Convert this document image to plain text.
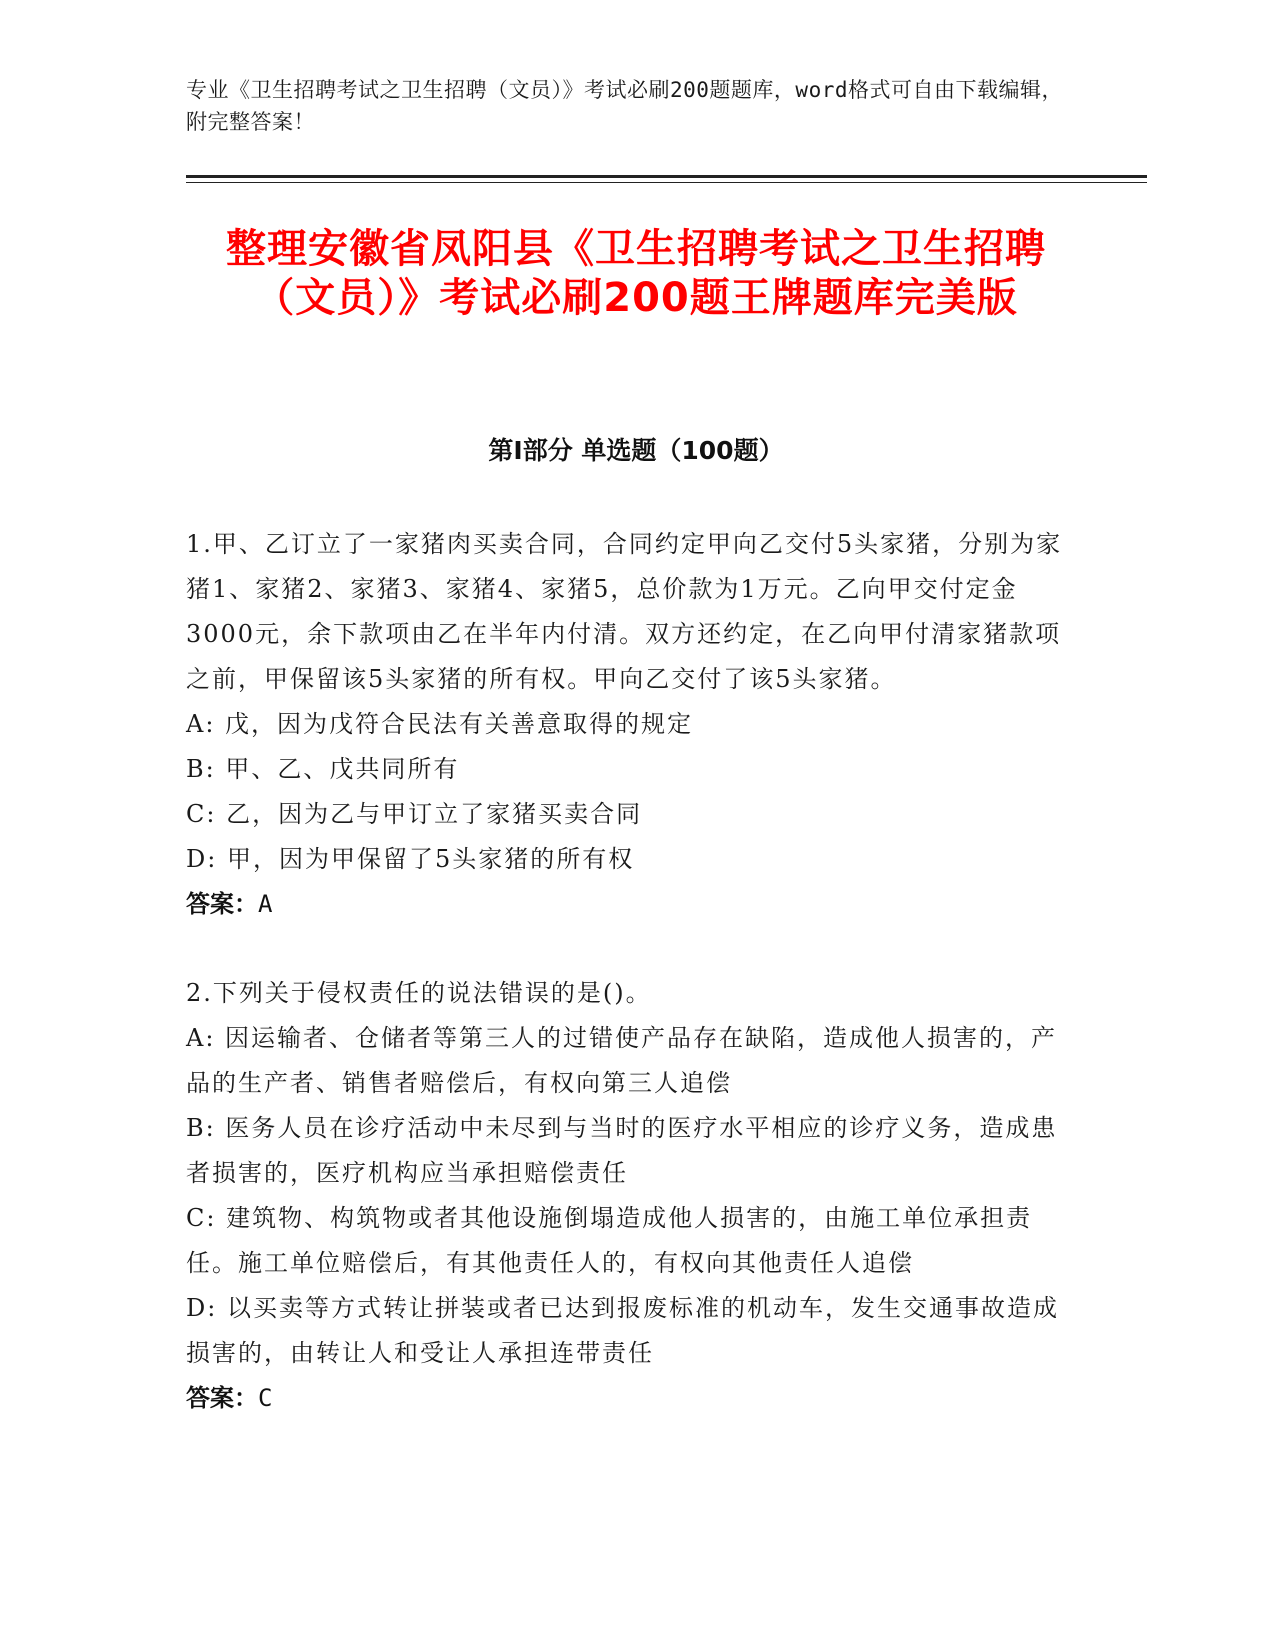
专业《卫生招聘考试之卫生招聘（文员）》考试必刷200题题库，word格式可自由下载编辑，附完整答案！
整理安徽省凤阳县《卫生招聘考试之卫生招聘（文员）》考试必刷200题王牌题库完美版
第Ⅰ部分 单选题（100题）

1.甲、乙订立了一家猪肉买卖合同，合同约定甲向乙交付5头家猪，分别为家猪1、家猪2、家猪3、家猪4、家猪5，总价款为1万元。乙向甲交付定金3000元，余下款项由乙在半年内付清。双方还约定，在乙向甲付清家猪款项之前，甲保留该5头家猪的所有权。甲向乙交付了该5头家猪。

A: 戊，因为戊符合民法有关善意取得的规定

B: 甲、乙、戊共同所有

C: 乙，因为乙与甲订立了家猪买卖合同

D: 甲，因为甲保留了5头家猪的所有权

答案：A

2.下列关于侵权责任的说法错误的是()。

A: 因运输者、仓储者等第三人的过错使产品存在缺陷，造成他人损害的，产品的生产者、销售者赔偿后，有权向第三人追偿

B: 医务人员在诊疗活动中未尽到与当时的医疗水平相应的诊疗义务，造成患者损害的，医疗机构应当承担赔偿责任

C: 建筑物、构筑物或者其他设施倒塌造成他人损害的，由施工单位承担责任。施工单位赔偿后，有其他责任人的，有权向其他责任人追偿

D: 以买卖等方式转让拼装或者已达到报废标准的机动车，发生交通事故造成损害的，由转让人和受让人承担连带责任

答案：C
